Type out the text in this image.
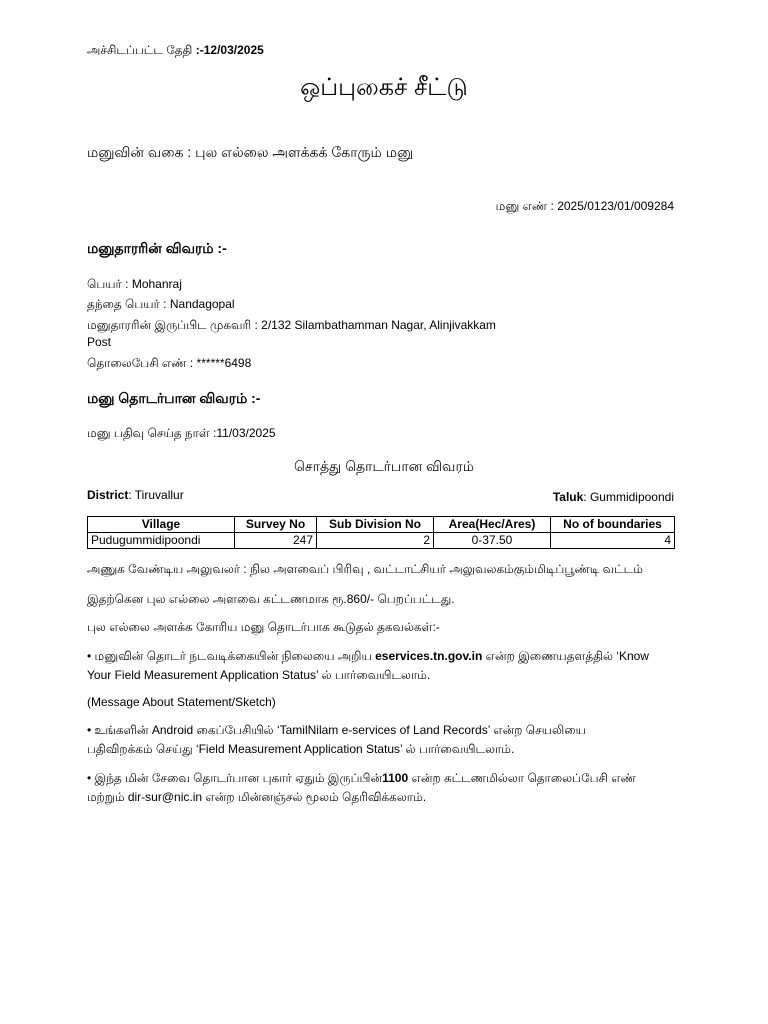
அச்சிடப்பட்ட தேதி :-12/03/2025
ஒப்புகைச் சீட்டு
மனுவின் வகை : புல எல்லை அளக்கக் கோரும் மனு
மனு எண் : 2025/0123/01/009284
மனுதாரரின் விவரம் :-
பெயர் : Mohanraj
தந்தை பெயர் : Nandagopal
மனுதாரரின் இருப்பிட முகவரி : 2/132 Silambathamman Nagar, Alinjivakkam
Post
தொலைபேசி எண் : ******6498
மனு தொடர்பான விவரம் :-
மனு பதிவு செய்த நாள் :11/03/2025
சொத்து தொடர்பான விவரம்
District: Tiruvallur	Taluk: Gummidipoondi
Village	Survey No	Sub Division No	Area(Hec/Ares)	No of boundaries
Pudugummidipoondi	247	2	0-37.50	4
அணுக வேண்டிய அலுவலர் : நில அளவைப் பிரிவு , வட்டாட்சியர் அலுவலகம்கும்மிடிப்பூண்டி வட்டம்
இதற்கென புல எல்லை அளவை கட்டணமாக ரூ.860/- பெறப்பட்டது.
புல எல்லை அளக்க கோரிய மனு தொடர்பாக கூடுதல் தகவல்கள்:-
• மனுவின் தொடர் நடவடிக்கையின் நிலையை அறிய eservices.tn.gov.in என்ற இணையதளத்தில் ‘Know
Your Field Measurement Application Status’ ல் பார்வையிடலாம்.
(Message About Statement/Sketch)
• உங்களின் Android கைப்பேசியில் ‘TamilNilam e-services of Land Records’ என்ற செயலியை
பதிவிறக்கம் செய்து ‘Field Measurement Application Status’ ல் பார்வையிடலாம்.
• இந்த மின் சேவை தொடர்பான புகார் ஏதும் இருப்பின்1100 என்ற கட்டணமில்லா தொலைப்பேசி எண்
மற்றும் dir-sur@nic.in என்ற மின்னஞ்சல் மூலம் தெரிவிக்கலாம்.
